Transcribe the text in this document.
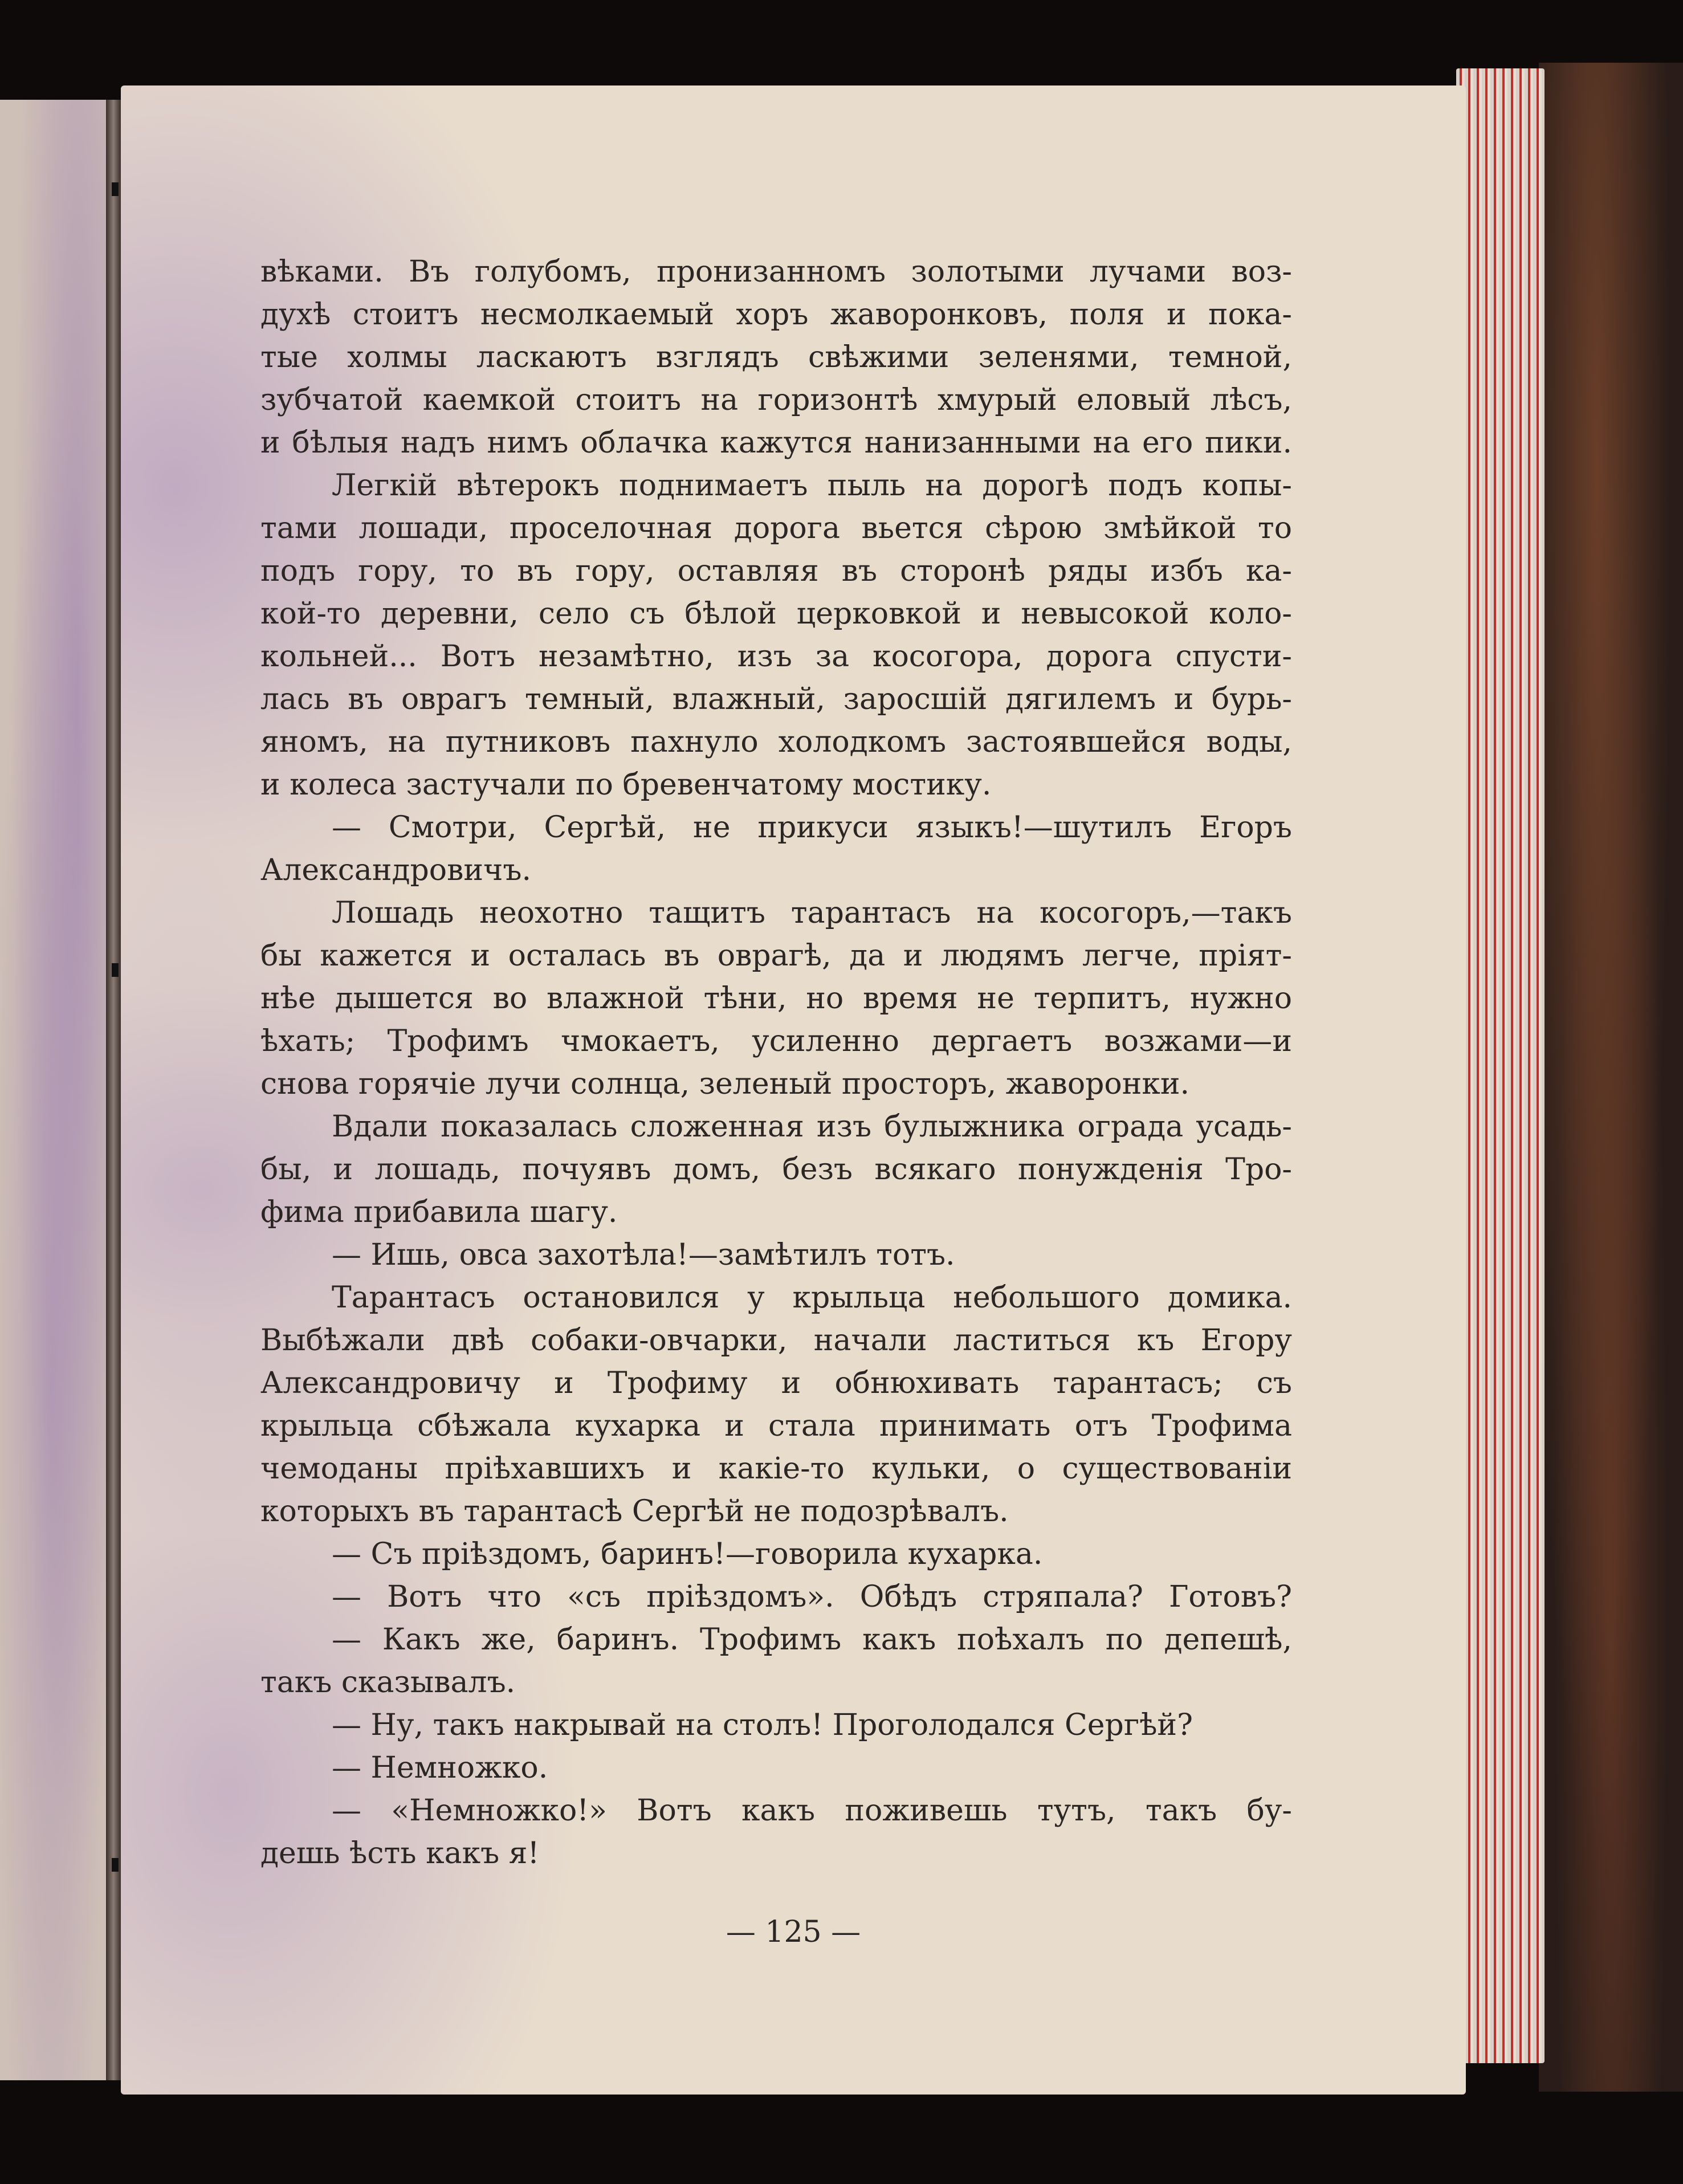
вѣками. Въ голубомъ, пронизанномъ золотыми лучами воз-
духѣ стоитъ несмолкаемый хоръ жаворонковъ, поля и пока-
тые холмы ласкаютъ взглядъ свѣжими зеленями, темной,
зубчатой каемкой стоитъ на горизонтѣ хмурый еловый лѣсъ,
и бѣлыя надъ нимъ облачка кажутся нанизанными на его пики.
Легкій вѣтерокъ поднимаетъ пыль на дорогѣ подъ копы-
тами лошади, проселочная дорога вьется сѣрою змѣйкой то
подъ гору, то въ гору, оставляя въ сторонѣ ряды избъ ка-
кой-то деревни, село съ бѣлой церковкой и невысокой коло-
кольней... Вотъ незамѣтно, изъ за косогора, дорога спусти-
лась въ оврагъ темный, влажный, заросшій дягилемъ и бурь-
яномъ, на путниковъ пахнуло холодкомъ застоявшейся воды,
и колеса застучали по бревенчатому мостику.
— Смотри, Сергѣй, не прикуси языкъ!—шутилъ Егоръ
Александровичъ.
Лошадь неохотно тащитъ тарантасъ на косогоръ,—такъ
бы кажется и осталась въ оврагѣ, да и людямъ легче, пріят-
нѣе дышется во влажной тѣни, но время не терпитъ, нужно
ѣхать; Трофимъ чмокаетъ, усиленно дергаетъ возжами—и
снова горячіе лучи солнца, зеленый просторъ, жаворонки.
Вдали показалась сложенная изъ булыжника ограда усадь-
бы, и лошадь, почуявъ домъ, безъ всякаго понужденія Тро-
фима прибавила шагу.
— Ишь, овса захотѣла!—замѣтилъ тотъ.
Тарантасъ остановился у крыльца небольшого домика.
Выбѣжали двѣ собаки-овчарки, начали ластиться къ Егору
Александровичу и Трофиму и обнюхивать тарантасъ; съ
крыльца сбѣжала кухарка и стала принимать отъ Трофима
чемоданы пріѣхавшихъ и какіе-то кульки, о существованіи
которыхъ въ тарантасѣ Сергѣй не подозрѣвалъ.
— Съ пріѣздомъ, баринъ!—говорила кухарка.
— Вотъ что «съ пріѣздомъ». Обѣдъ стряпала? Готовъ?
— Какъ же, баринъ. Трофимъ какъ поѣхалъ по депешѣ,
такъ сказывалъ.
— Ну, такъ накрывай на столъ! Проголодался Сергѣй?
— Немножко.
— «Немножко!» Вотъ какъ поживешь тутъ, такъ бу-
дешь ѣсть какъ я!
— 125 —
